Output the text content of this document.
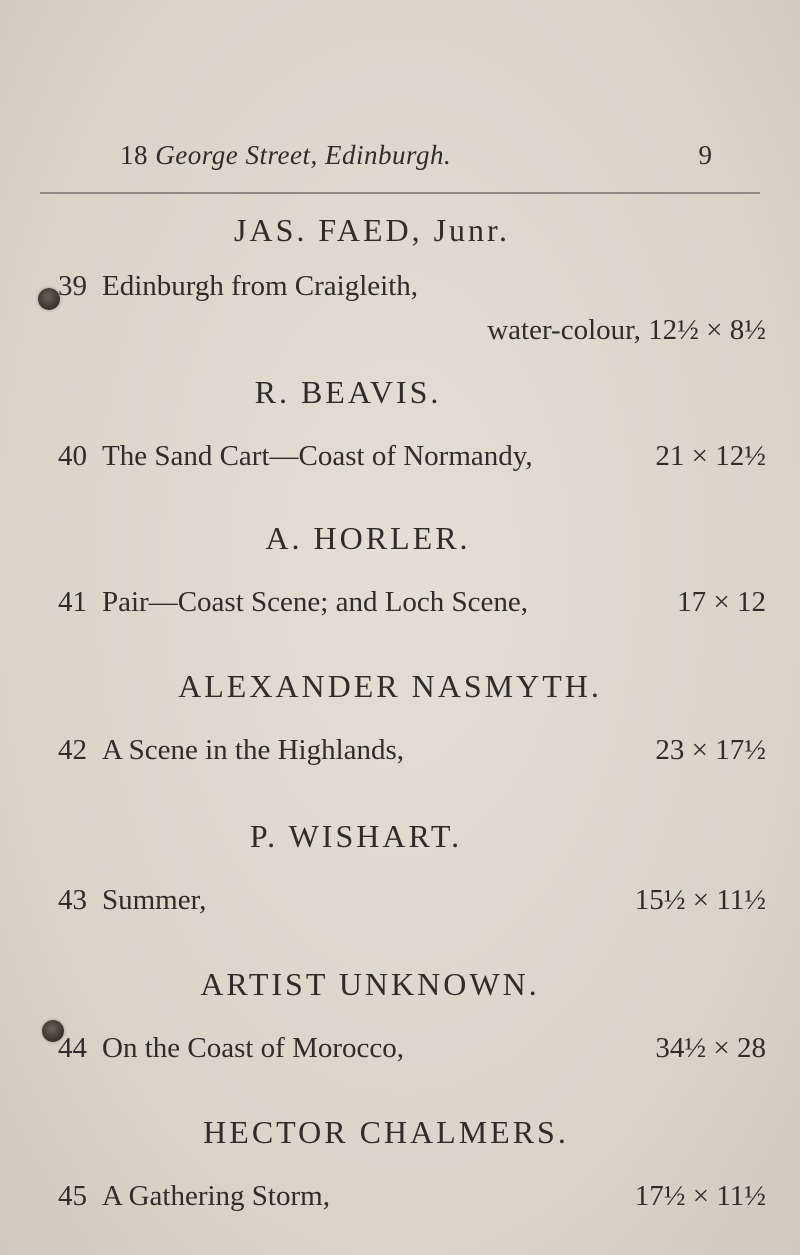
18 George Street, Edinburgh.	9
JAS. FAED, Junr.
39 Edinburgh from Craigleith,
water-colour, 12½ × 8½
R. BEAVIS.
40 The Sand Cart—Coast of Normandy,	21 × 12½
A. HORLER.
41 Pair—Coast Scene; and Loch Scene,	17 × 12
ALEXANDER NASMYTH.
42 A Scene in the Highlands,	23 × 17½
P. WISHART.
43 Summer,	15½ × 11½
ARTIST UNKNOWN.
44 On the Coast of Morocco,	34½ × 28
HECTOR CHALMERS.
45 A Gathering Storm,	17½ × 11½
